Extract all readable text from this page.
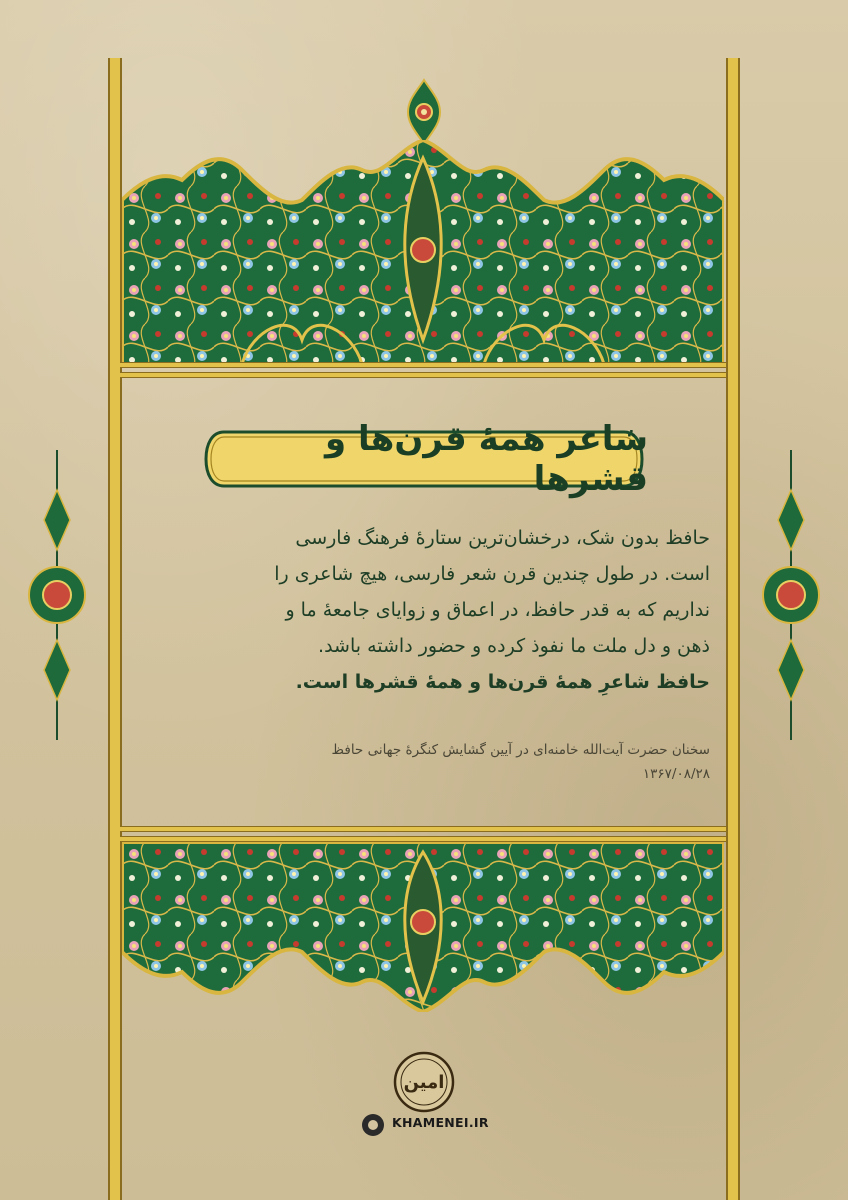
شاعر همهٔ قرن‌ها و قشرها
حافظ بدون شک، درخشان‌ترین ستارهٔ فرهنگ فارسی
است. در طول چندین قرن شعر فارسی، هیچ شاعری را
نداریم که به قدر حافظ، در اعماق و زوایای جامعهٔ ما و
ذهن و دل ملت ما نفوذ کرده و حضور داشته باشد.
حافظ شاعرِ همهٔ قرن‌ها و همهٔ قشرها است.
سخنان حضرت آیت‌الله خامنه‌ای در آیین گشایش کنگرهٔ جهانی حافظ
۱۳۶۷/۰۸/۲۸
امین
KHAMENEI.IR
